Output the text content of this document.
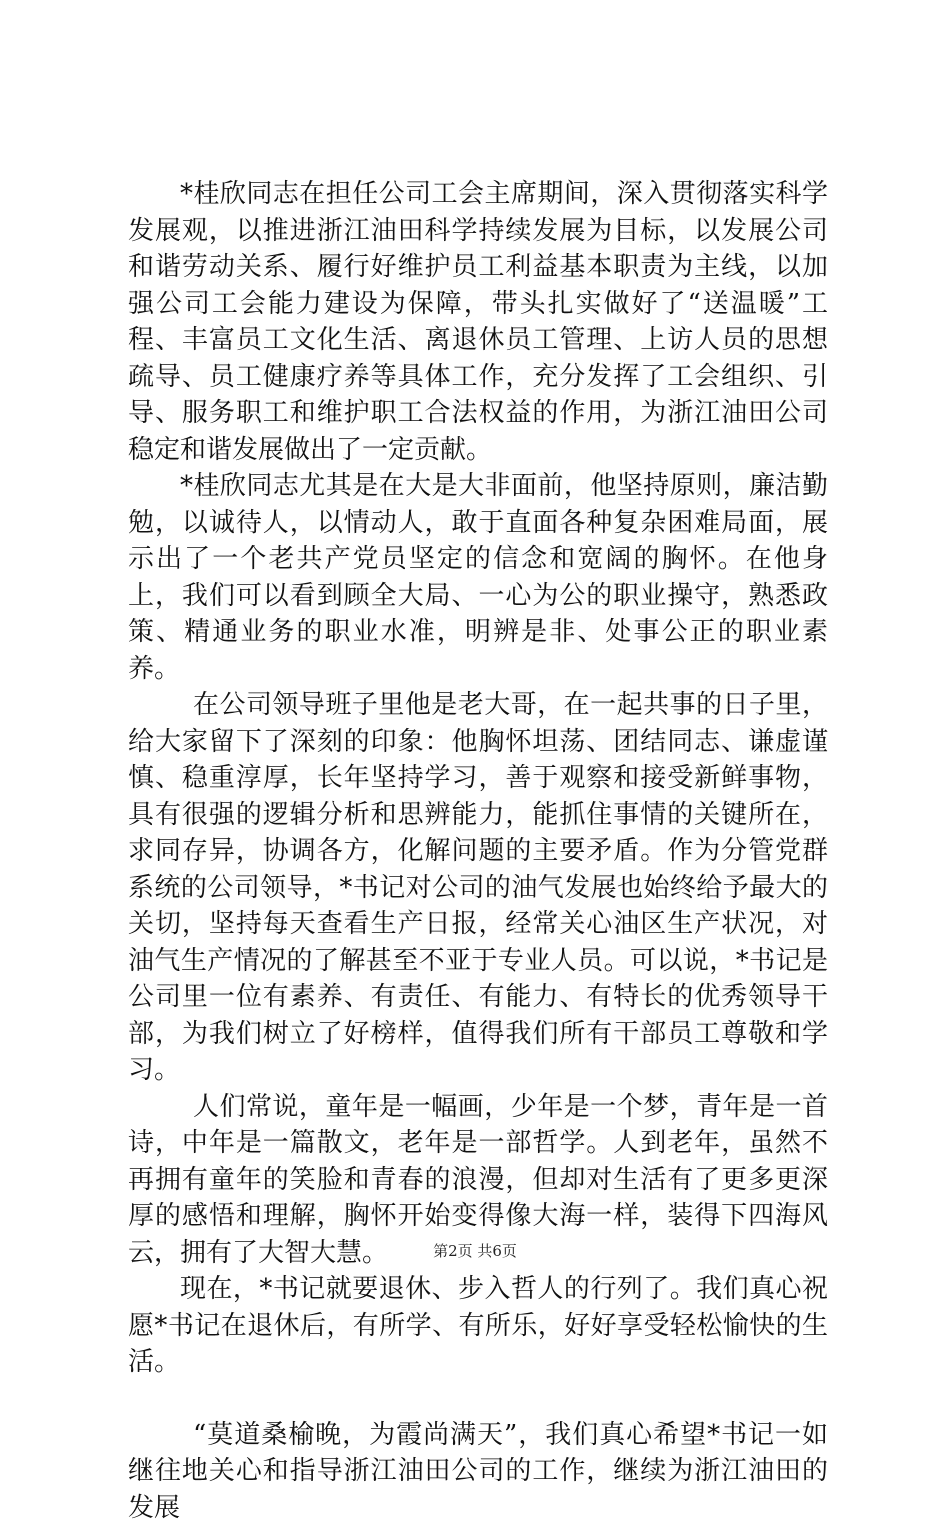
*桂欣同志在担任公司工会主席期间，深入贯彻落实科学发展观，以推进浙江油田科学持续发展为目标，以发展公司和谐劳动关系、履行好维护员工利益基本职责为主线，以加强公司工会能力建设为保障，带头扎实做好了“送温暖”工程、丰富员工文化生活、离退休员工管理、上访人员的思想疏导、员工健康疗养等具体工作，充分发挥了工会组织、引导、服务职工和维护职工合法权益的作用，为浙江油田公司稳定和谐发展做出了一定贡献。

*桂欣同志尤其是在大是大非面前，他坚持原则，廉洁勤勉，以诚待人，以情动人，敢于直面各种复杂困难局面，展示出了一个老共产党员坚定的信念和宽阔的胸怀。在他身上，我们可以看到顾全大局、一心为公的职业操守，熟悉政策、精通业务的职业水准，明辨是非、处事公正的职业素养。

在公司领导班子里他是老大哥，在一起共事的日子里，给大家留下了深刻的印象：他胸怀坦荡、团结同志、谦虚谨慎、稳重淳厚，长年坚持学习，善于观察和接受新鲜事物，具有很强的逻辑分析和思辨能力，能抓住事情的关键所在，求同存异，协调各方，化解问题的主要矛盾。作为分管党群系统的公司领导，*书记对公司的油气发展也始终给予最大的关切，坚持每天查看生产日报，经常关心油区生产状况，对油气生产情况的了解甚至不亚于专业人员。可以说，*书记是公司里一位有素养、有责任、有能力、有特长的优秀领导干部，为我们树立了好榜样，值得我们所有干部员工尊敬和学习。

人们常说，童年是一幅画，少年是一个梦，青年是一首诗，中年是一篇散文，老年是一部哲学。人到老年，虽然不再拥有童年的笑脸和青春的浪漫，但却对生活有了更多更深厚的感悟和理解，胸怀开始变得像大海一样，装得下四海风云，拥有了大智大慧。

现在，*书记就要退休、步入哲人的行列了。我们真心祝愿*书记在退休后，有所学、有所乐，好好享受轻松愉快的生活。

“莫道桑榆晚，为霞尚满天”，我们真心希望*书记一如继往地关心和指导浙江油田公司的工作，继续为浙江油田的发展

第2页 共6页
